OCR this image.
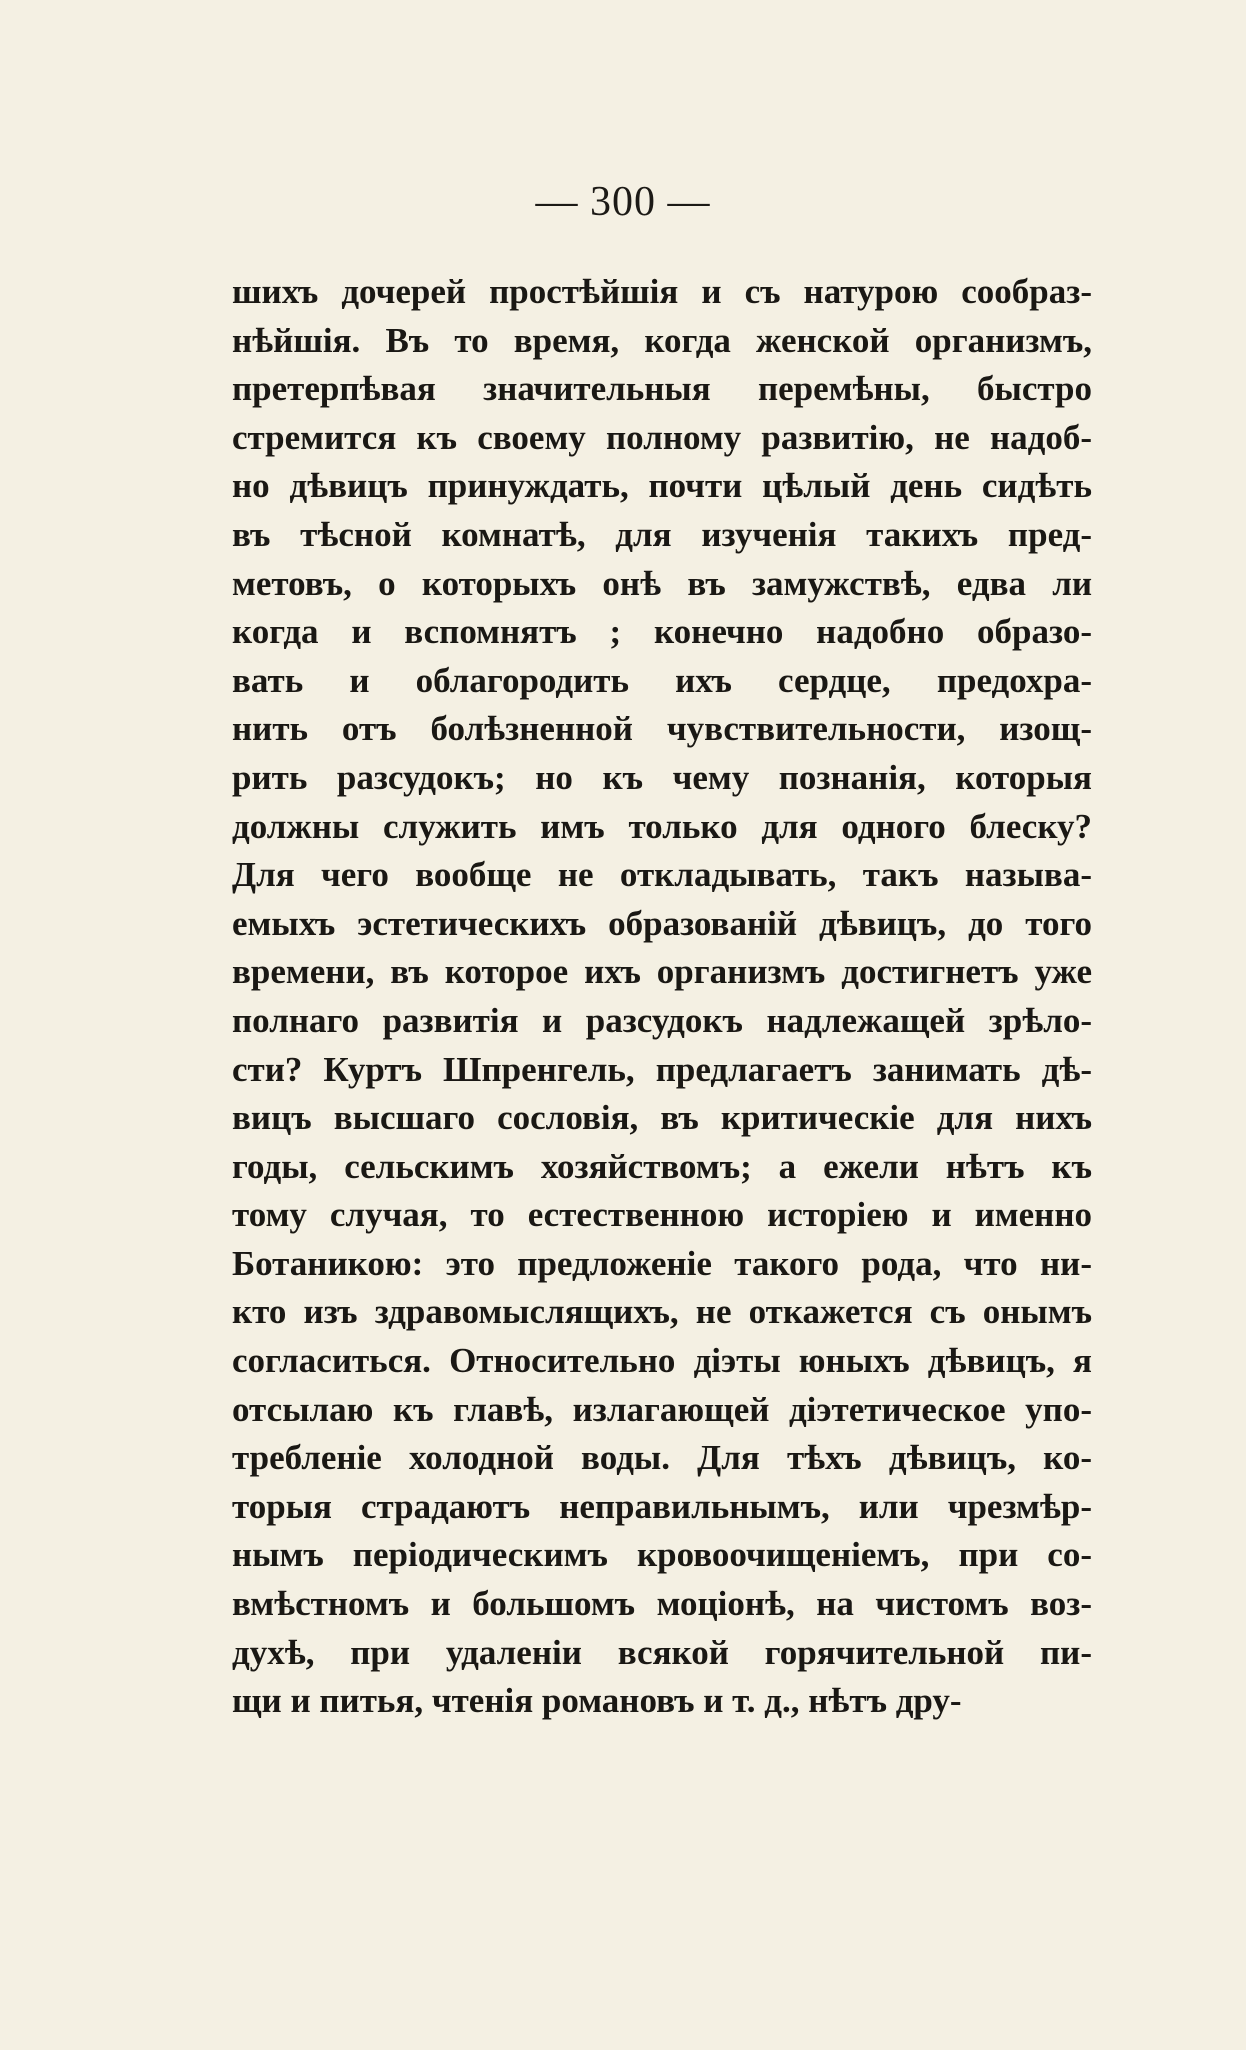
— 300 —
шихъ дочерей простѣйшія и съ натурою сообраз-
нѣйшія. Въ то время, когда женской организмъ,
претерпѣвая значительныя перемѣны, быстро
стремится къ своему полному развитію, не надоб-
но дѣвицъ принуждать, почти цѣлый день сидѣть
въ тѣсной комнатѣ, для изученія такихъ пред-
метовъ, о которыхъ онѣ въ замужствѣ, едва ли
когда и вспомнятъ ; конечно надобно образо-
вать и облагородить ихъ сердце, предохра-
нить отъ болѣзненной чувствительности, изощ-
рить разсудокъ; но къ чему познанія, которыя
должны служить имъ только для одного блеску?
Для чего вообще не откладывать, такъ называ-
емыхъ эстетическихъ образованій дѣвицъ, до того
времени, въ которое ихъ организмъ достигнетъ уже
полнаго развитія и разсудокъ надлежащей зрѣло-
сти? Куртъ Шпренгель, предлагаетъ занимать дѣ-
вицъ высшаго сословія, въ критическіе для нихъ
годы, сельскимъ хозяйствомъ; а ежели нѣтъ къ
тому случая, то естественною исторіею и именно
Ботаникою: это предложеніе такого рода, что ни-
кто изъ здравомыслящихъ, не откажется съ онымъ
согласиться. Относительно діэты юныхъ дѣвицъ, я
отсылаю къ главѣ, излагающей діэтетическое упо-
требленіе холодной воды. Для тѣхъ дѣвицъ, ко-
торыя страдаютъ неправильнымъ, или чрезмѣр-
нымъ періодическимъ кровоочищеніемъ, при со-
вмѣстномъ и большомъ моціонѣ, на чистомъ воз-
духѣ, при удаленіи всякой горячительной пи-
щи и питья, чтенія романовъ и т. д., нѣтъ дру-
